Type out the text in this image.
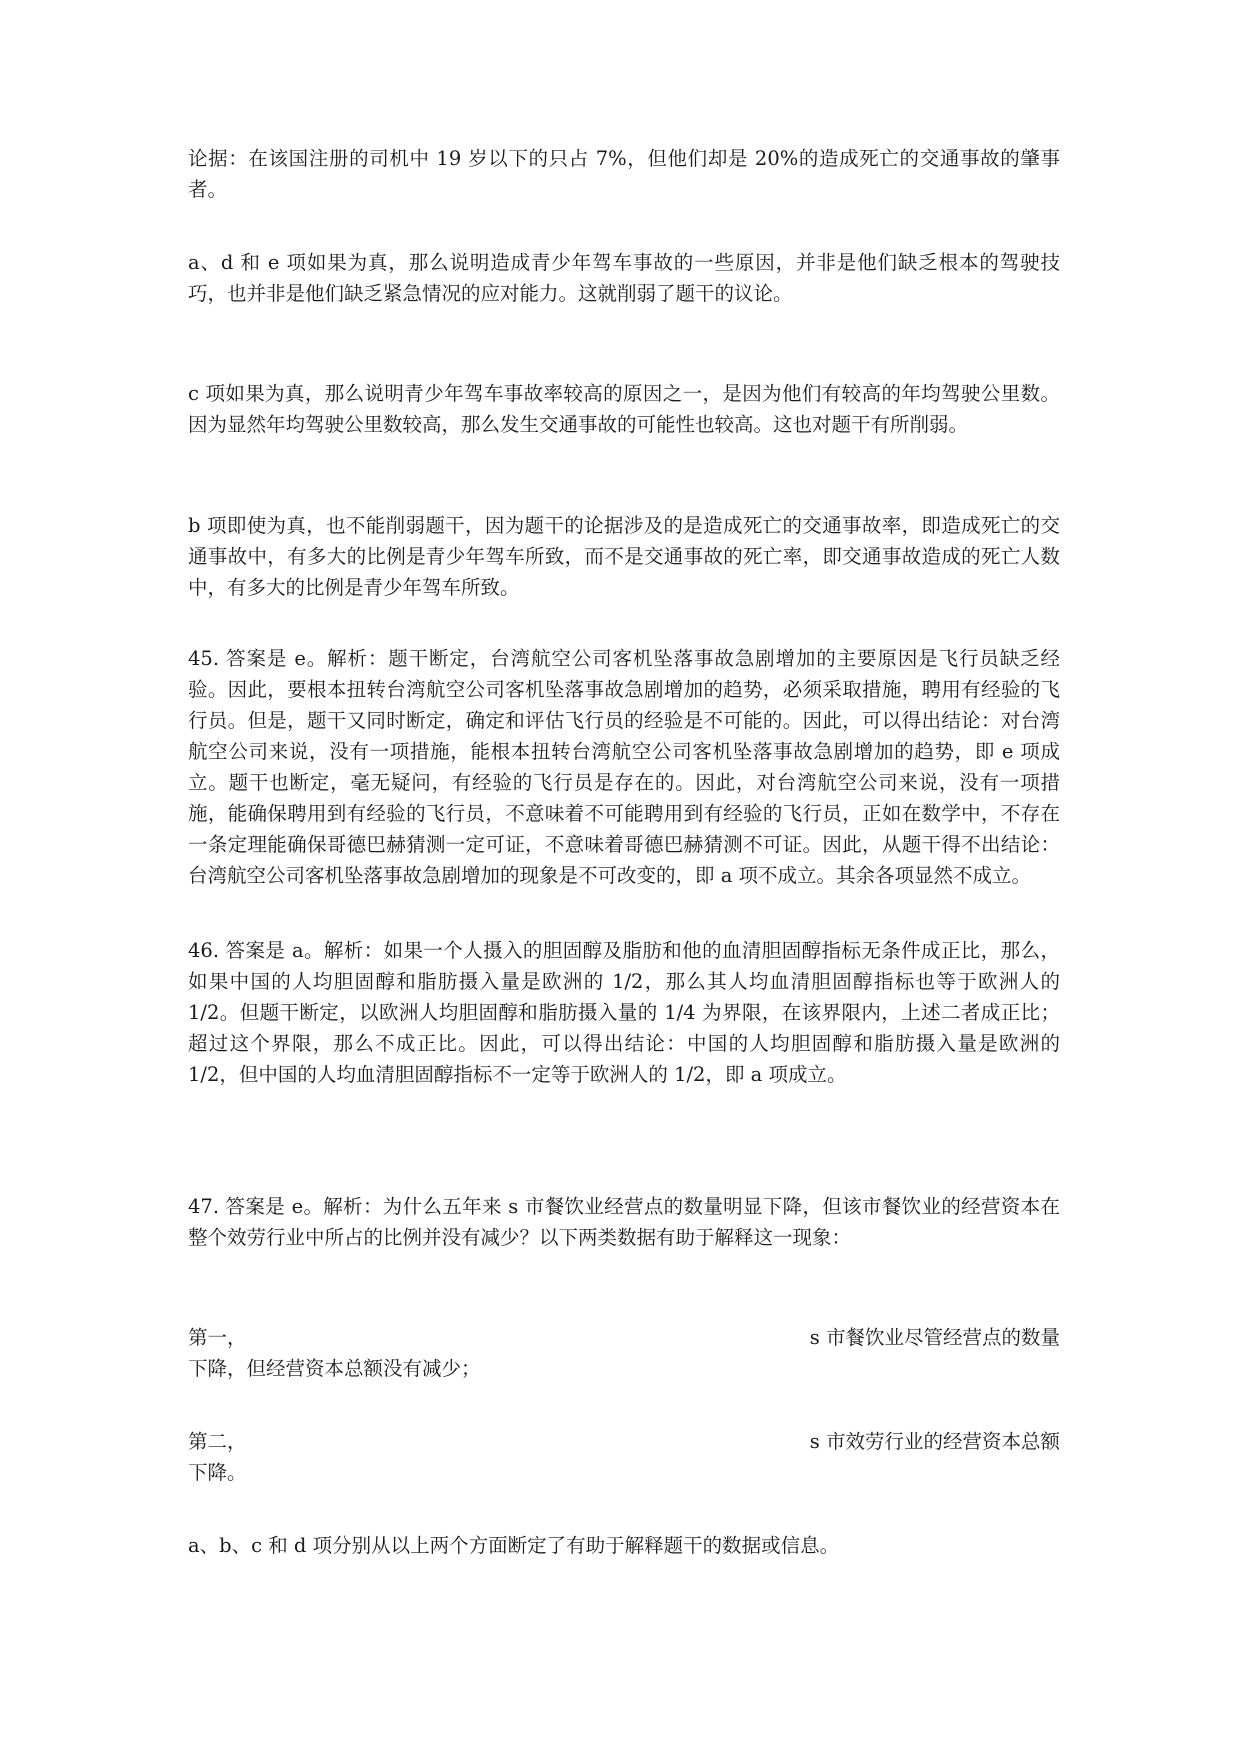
论据：在该国注册的司机中 19 岁以下的只占 7%，但他们却是 20%的造成死亡的交通事故的肇事者。

a、d 和 e 项如果为真，那么说明造成青少年驾车事故的一些原因，并非是他们缺乏根本的驾驶技巧，也并非是他们缺乏紧急情况的应对能力。这就削弱了题干的议论。

c 项如果为真，那么说明青少年驾车事故率较高的原因之一，是因为他们有较高的年均驾驶公里数。因为显然年均驾驶公里数较高，那么发生交通事故的可能性也较高。这也对题干有所削弱。

b 项即使为真，也不能削弱题干，因为题干的论据涉及的是造成死亡的交通事故率，即造成死亡的交通事故中，有多大的比例是青少年驾车所致，而不是交通事故的死亡率，即交通事故造成的死亡人数中，有多大的比例是青少年驾车所致。

45. 答案是 e。解析：题干断定，台湾航空公司客机坠落事故急剧增加的主要原因是飞行员缺乏经验。因此，要根本扭转台湾航空公司客机坠落事故急剧增加的趋势，必须采取措施，聘用有经验的飞行员。但是，题干又同时断定，确定和评估飞行员的经验是不可能的。因此，可以得出结论：对台湾航空公司来说，没有一项措施，能根本扭转台湾航空公司客机坠落事故急剧增加的趋势，即 e 项成立。题干也断定，毫无疑问，有经验的飞行员是存在的。因此，对台湾航空公司来说，没有一项措施，能确保聘用到有经验的飞行员，不意味着不可能聘用到有经验的飞行员，正如在数学中，不存在一条定理能确保哥德巴赫猜测一定可证，不意味着哥德巴赫猜测不可证。因此，从题干得不出结论：台湾航空公司客机坠落事故急剧增加的现象是不可改变的，即 a 项不成立。其余各项显然不成立。

46. 答案是 a。解析：如果一个人摄入的胆固醇及脂肪和他的血清胆固醇指标无条件成正比，那么，如果中国的人均胆固醇和脂肪摄入量是欧洲的 1/2，那么其人均血清胆固醇指标也等于欧洲人的 1/2。但题干断定，以欧洲人均胆固醇和脂肪摄入量的 1/4 为界限，在该界限内，上述二者成正比；超过这个界限，那么不成正比。因此，可以得出结论：中国的人均胆固醇和脂肪摄入量是欧洲的 1/2，但中国的人均血清胆固醇指标不一定等于欧洲人的 1/2，即 a 项成立。

47. 答案是 e。解析：为什么五年来 s 市餐饮业经营点的数量明显下降，但该市餐饮业的经营资本在整个效劳行业中所占的比例并没有减少？以下两类数据有助于解释这一现象：

第一，	s 市餐饮业尽管经营点的数量
下降，但经营资本总额没有减少；
第二，	s 市效劳行业的经营资本总额
下降。

a、b、c 和 d 项分别从以上两个方面断定了有助于解释题干的数据或信息。
